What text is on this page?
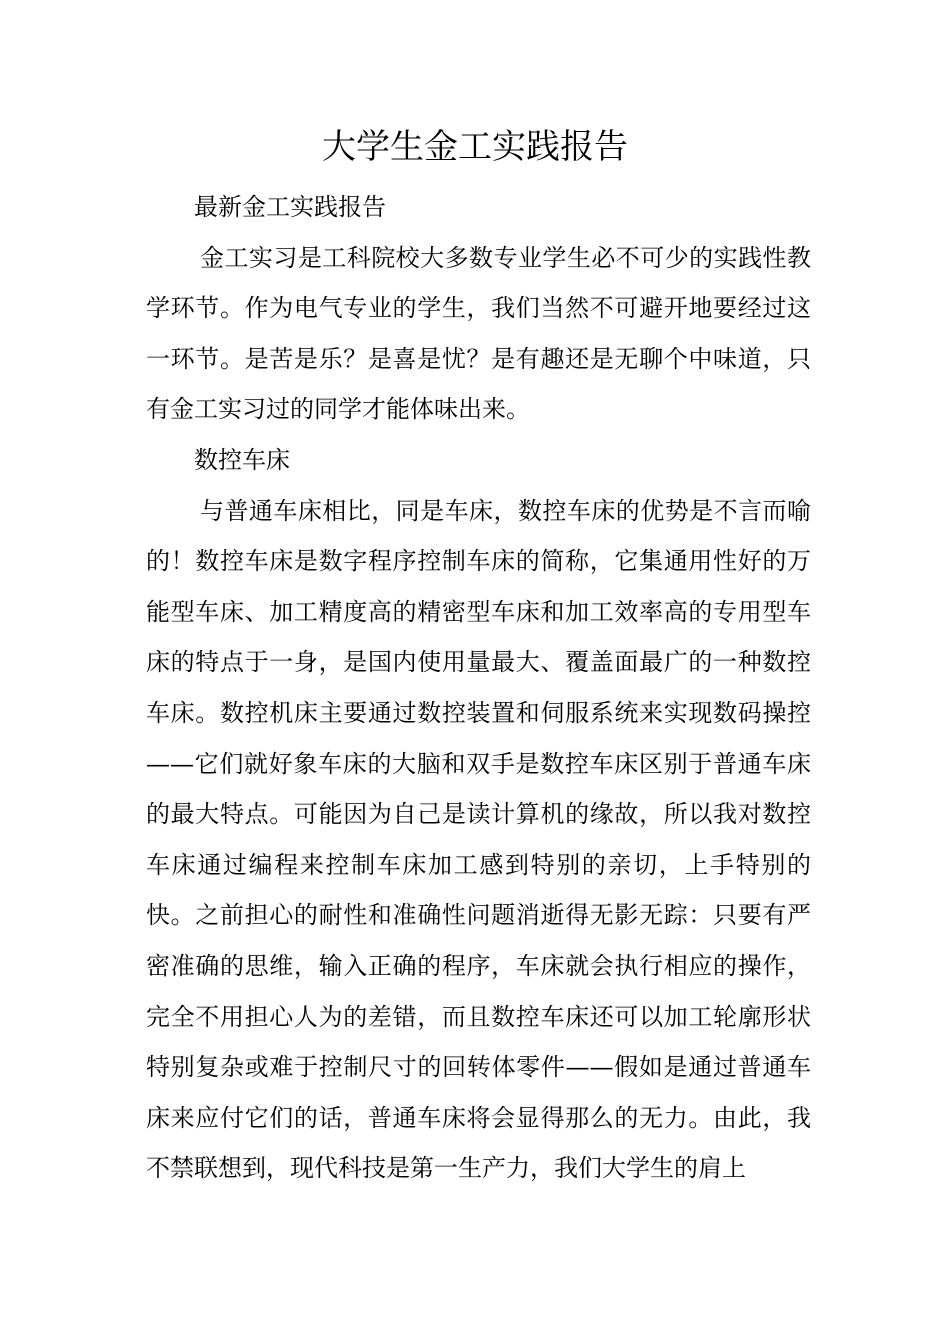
大学生金工实践报告

最新金工实践报告

金工实习是工科院校大多数专业学生必不可少的实践性教学环节。作为电气专业的学生，我们当然不可避开地要经过这一环节。是苦是乐？是喜是忧？是有趣还是无聊个中味道，只有金工实习过的同学才能体味出来。

数控车床

与普通车床相比，同是车床，数控车床的优势是不言而喻的！数控车床是数字程序控制车床的简称，它集通用性好的万能型车床、加工精度高的精密型车床和加工效率高的专用型车床的特点于一身，是国内使用量最大、覆盖面最广的一种数控车床。数控机床主要通过数控装置和伺服系统来实现数码操控——它们就好象车床的大脑和双手是数控车床区别于普通车床的最大特点。可能因为自己是读计算机的缘故，所以我对数控车床通过编程来控制车床加工感到特别的亲切，上手特别的快。之前担心的耐性和准确性问题消逝得无影无踪：只要有严密准确的思维，输入正确的程序，车床就会执行相应的操作，完全不用担心人为的差错，而且数控车床还可以加工轮廓形状特别复杂或难于控制尺寸的回转体零件——假如是通过普通车床来应付它们的话，普通车床将会显得那么的无力。由此，我不禁联想到，现代科技是第一生产力，我们大学生的肩上
